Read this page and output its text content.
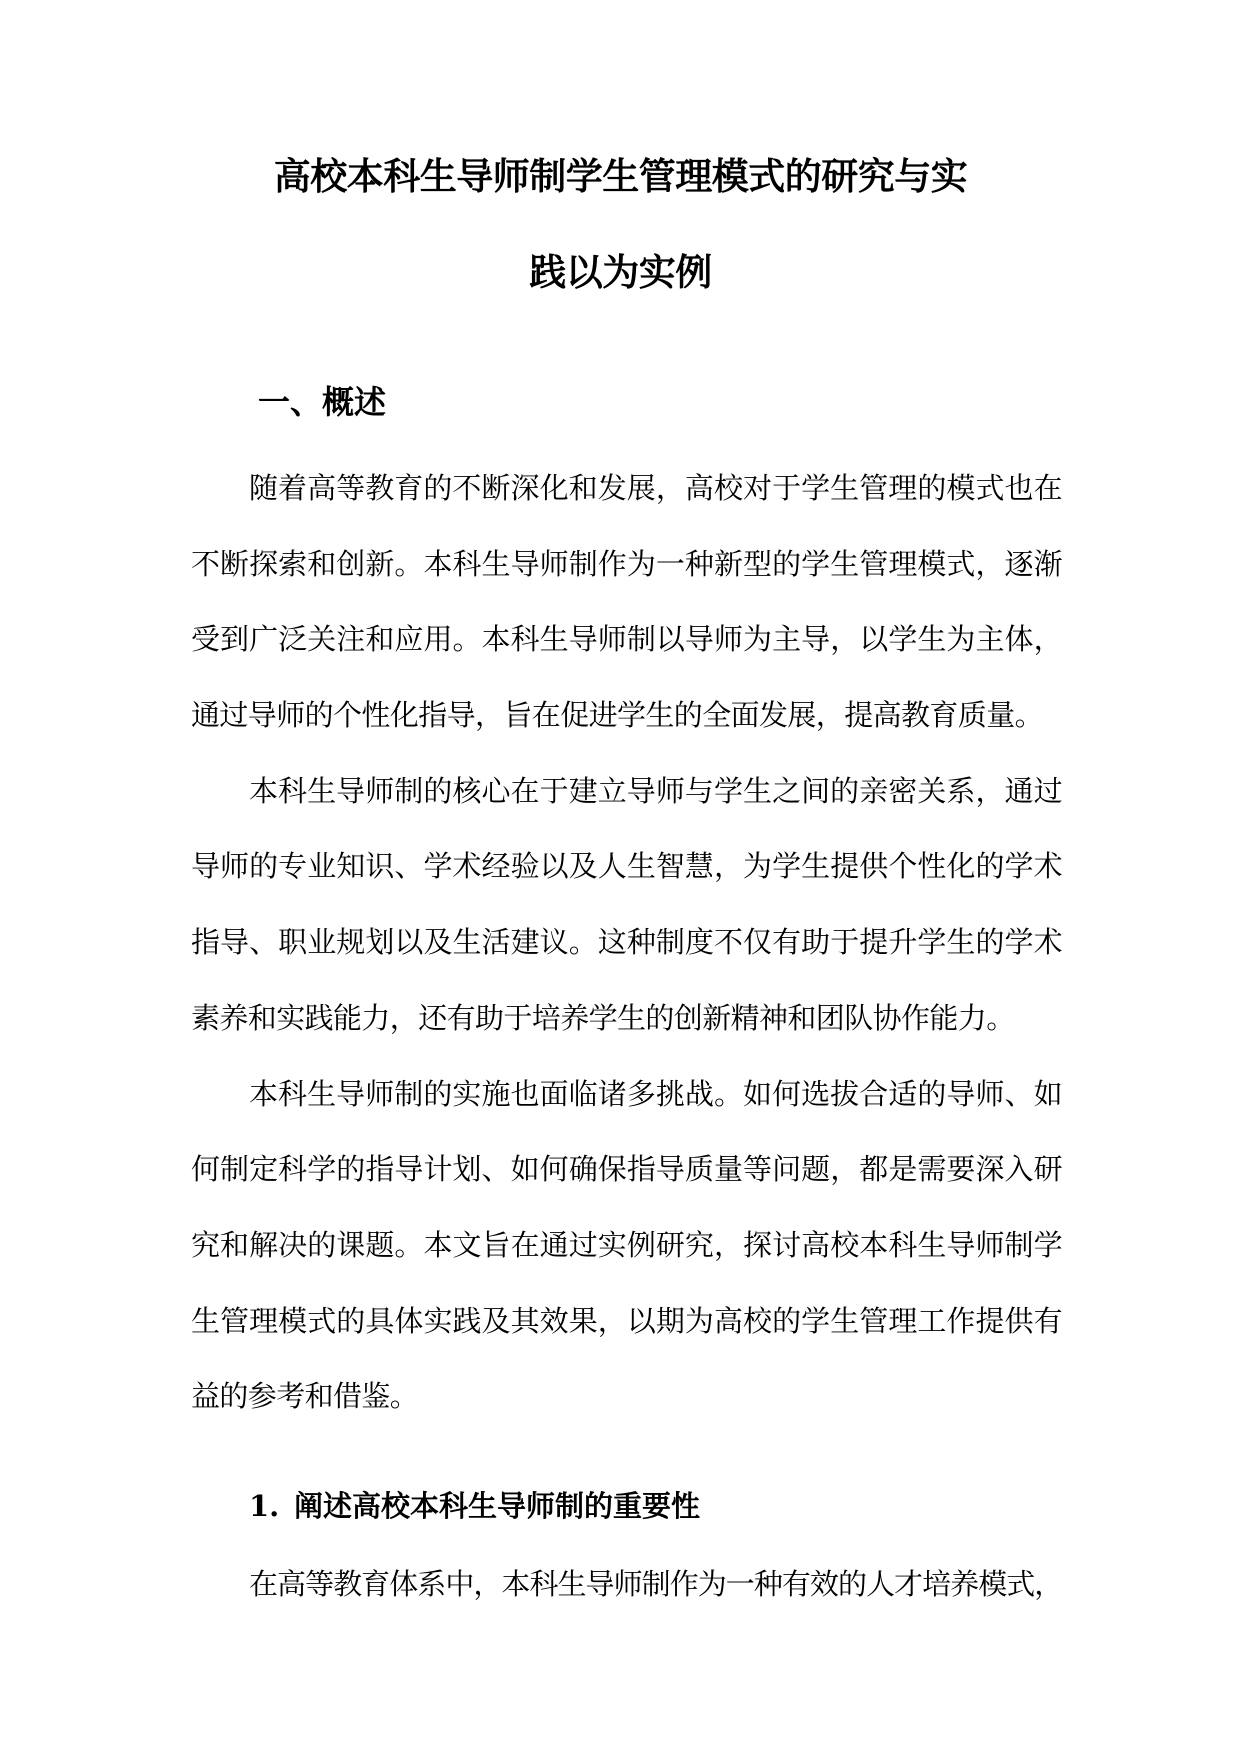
高校本科生导师制学生管理模式的研究与实
践以为实例
一、概述
随着高等教育的不断深化和发展，高校对于学生管理的模式也在
不断探索和创新。本科生导师制作为一种新型的学生管理模式，逐渐
受到广泛关注和应用。本科生导师制以导师为主导，以学生为主体，
通过导师的个性化指导，旨在促进学生的全面发展，提高教育质量。
本科生导师制的核心在于建立导师与学生之间的亲密关系，通过
导师的专业知识、学术经验以及人生智慧，为学生提供个性化的学术
指导、职业规划以及生活建议。这种制度不仅有助于提升学生的学术
素养和实践能力，还有助于培养学生的创新精神和团队协作能力。
本科生导师制的实施也面临诸多挑战。如何选拔合适的导师、如
何制定科学的指导计划、如何确保指导质量等问题，都是需要深入研
究和解决的课题。本文旨在通过实例研究，探讨高校本科生导师制学
生管理模式的具体实践及其效果，以期为高校的学生管理工作提供有
益的参考和借鉴。
1. 阐述高校本科生导师制的重要性
在高等教育体系中，本科生导师制作为一种有效的人才培养模式，
